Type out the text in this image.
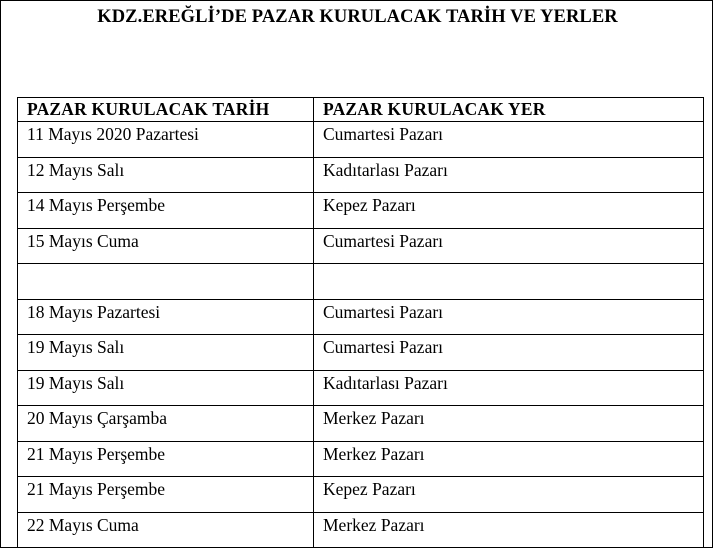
KDZ.EREĞLİ’DE PAZAR KURULACAK TARİH VE YERLER
PAZAR KURULACAK TARİH	PAZAR KURULACAK YER
11 Mayıs 2020 Pazartesi	Cumartesi Pazarı
12 Mayıs Salı	Kadıtarlası Pazarı
14 Mayıs Perşembe	Kepez Pazarı
15 Mayıs Cuma	Cumartesi Pazarı

18 Mayıs Pazartesi	Cumartesi Pazarı
19 Mayıs Salı	Cumartesi Pazarı
19 Mayıs Salı	Kadıtarlası Pazarı
20 Mayıs Çarşamba	Merkez Pazarı
21 Mayıs Perşembe	Merkez Pazarı
21 Mayıs Perşembe	Kepez Pazarı
22 Mayıs Cuma	Merkez Pazarı
